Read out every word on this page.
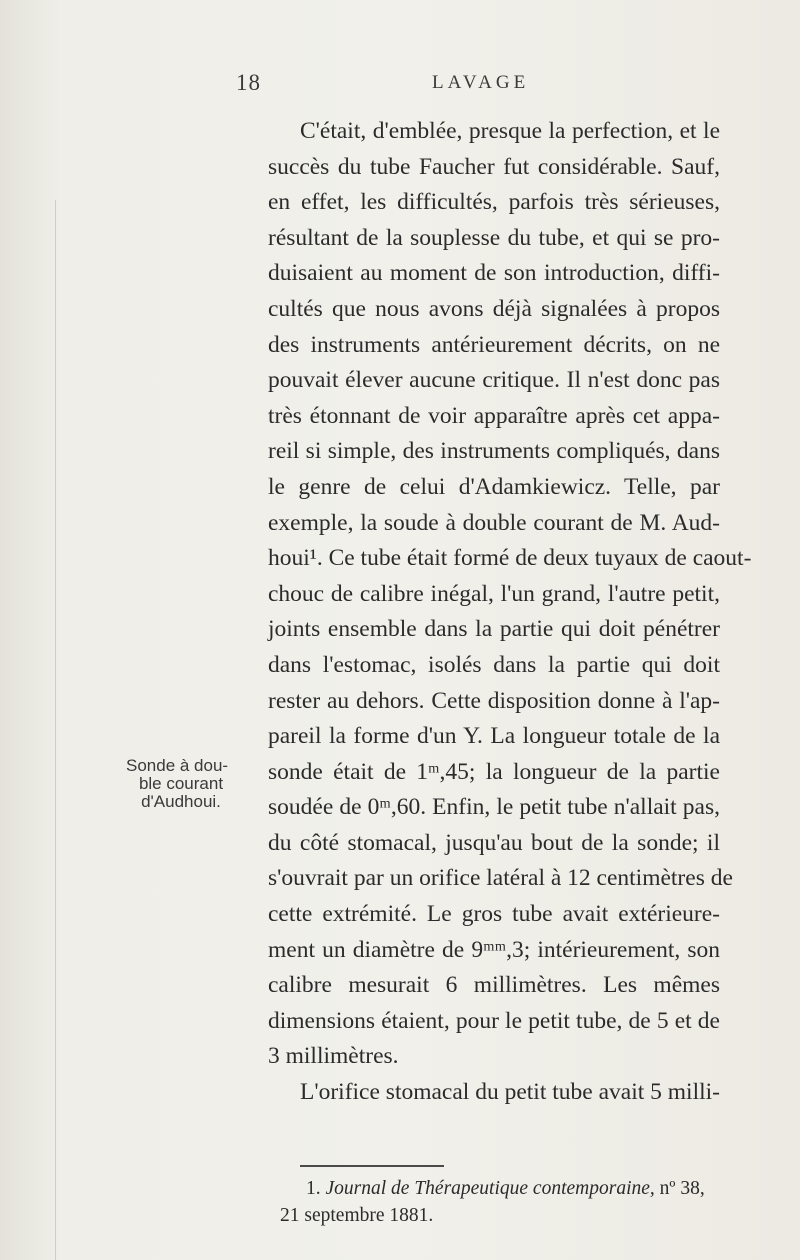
18	LAVAGE
Sonde à dou-
ble courant
d'Audhoui.
C'était, d'emblée, presque la perfection, et le
succès du tube Faucher fut considérable. Sauf,
en effet, les difficultés, parfois très sérieuses,
résultant de la souplesse du tube, et qui se pro-
duisaient au moment de son introduction, diffi-
cultés que nous avons déjà signalées à propos
des instruments antérieurement décrits, on ne
pouvait élever aucune critique. Il n'est donc pas
très étonnant de voir apparaître après cet appa-
reil si simple, des instruments compliqués, dans
le genre de celui d'Adamkiewicz. Telle, par
exemple, la soude à double courant de M. Aud-
houi¹. Ce tube était formé de deux tuyaux de caout-
chouc de calibre inégal, l'un grand, l'autre petit,
joints ensemble dans la partie qui doit pénétrer
dans l'estomac, isolés dans la partie qui doit
rester au dehors. Cette disposition donne à l'ap-
pareil la forme d'un Y. La longueur totale de la
sonde était de 1ᵐ,45; la longueur de la partie
soudée de 0ᵐ,60. Enfin, le petit tube n'allait pas,
du côté stomacal, jusqu'au bout de la sonde; il
s'ouvrait par un orifice latéral à 12 centimètres de
cette extrémité. Le gros tube avait extérieure-
ment un diamètre de 9ᵐᵐ,3; intérieurement, son
calibre mesurait 6 millimètres. Les mêmes
dimensions étaient, pour le petit tube, de 5 et de
3 millimètres.
L'orifice stomacal du petit tube avait 5 milli-
1. Journal de Thérapeutique contemporaine, nº 38,
21 septembre 1881.
